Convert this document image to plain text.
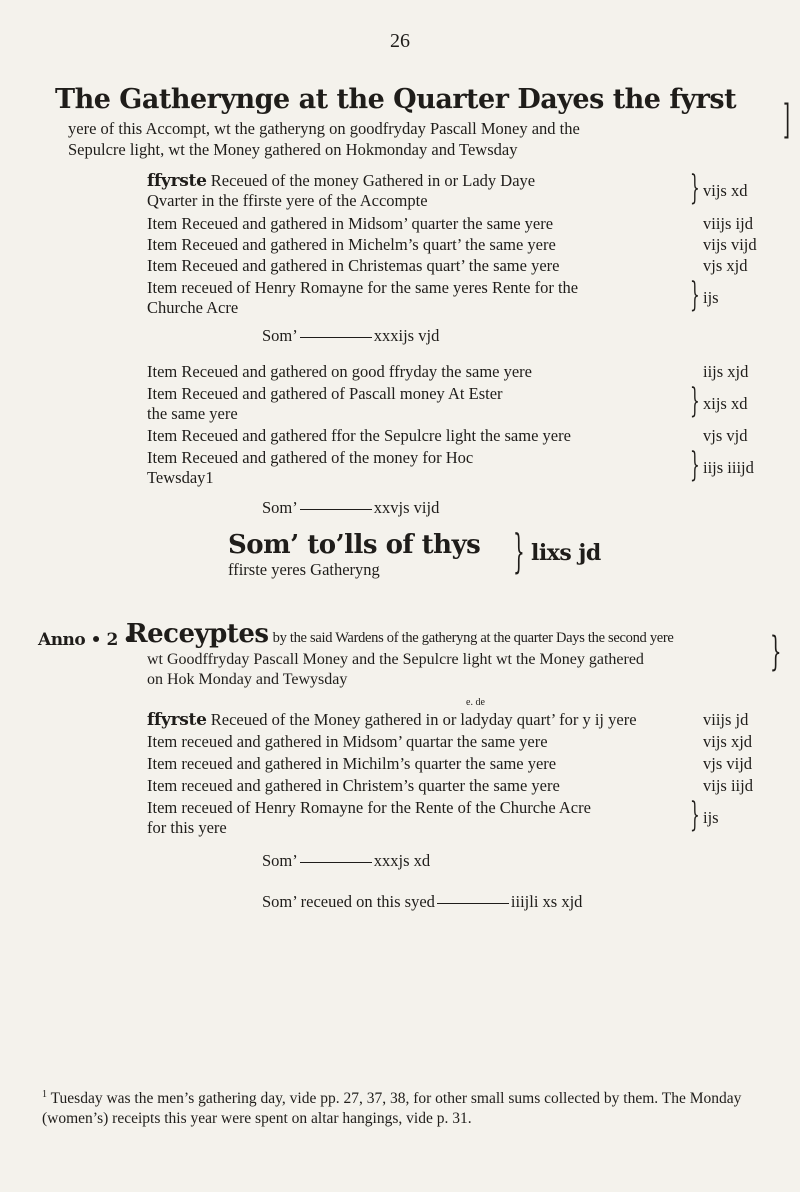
26
The Gatherynge at the Quarter Dayes the fyrst ]
yere of this Accompt, wt the gatheryng on goodfryday Pascall Money and the
Sepulcre light, wt the Money gathered on Hokmonday and Tewsday
ffyrste Receued of the money Gathered in or Lady Daye
Qvarter in the ffirste yere of the Accompte	} vijs xd
Item Receued and gathered in Midsom’ quarter the same yere	viijs ijd
Item Receued and gathered in Michelm’s quart’ the same yere	vijs vijd
Item Receued and gathered in Christemas quart’ the same yere	vjs xjd
Item receued of Henry Romayne for the same yeres Rente for the
Churche Acre	} ijs
Som’	xxxijs vjd
Item Receued and gathered on good ffryday the same yere	iijs xjd
Item Receued and gathered of Pascall money At Ester
the same yere	} xijs xd
Item Receued and gathered ffor the Sepulcre light the same yere	vjs vjd
Item Receued and gathered of the money for Hoc
Tewsday1	} iijs iiijd
Som’	xxvjs vijd
Som’ to’lls of thys
ffirste yeres Gatheryng	} lixs jd
Anno • 2 •
Receyptes by the said Wardens of the gatheryng at the quarter Days the second yere
wt Goodffryday Pascall Money and the Sepulcre light wt the Money gathered
on Hok Monday and Tewysday
}
e. de
ffyrste Receued of the Money gathered in or ladyday quart’ for y ij yere	viijs jd
Item receued and gathered in Midsom’ quartar the same yere	vijs xjd
Item receued and gathered in Michilm’s quarter the same yere	vjs vijd
Item receued and gathered in Christem’s quarter the same yere	vijs iijd
Item receued of Henry Romayne for the Rente of the Churche Acre
for this yere	} ijs
Som’	xxxjs xd
Som’ receued on this syed	iiijli xs xjd
$^1$ Tuesday was the men’s gathering day, vide pp. 27, 37, 38, for other small sums collected by them. The Monday (women’s) receipts this year were spent on altar hangings, vide p. 31.
